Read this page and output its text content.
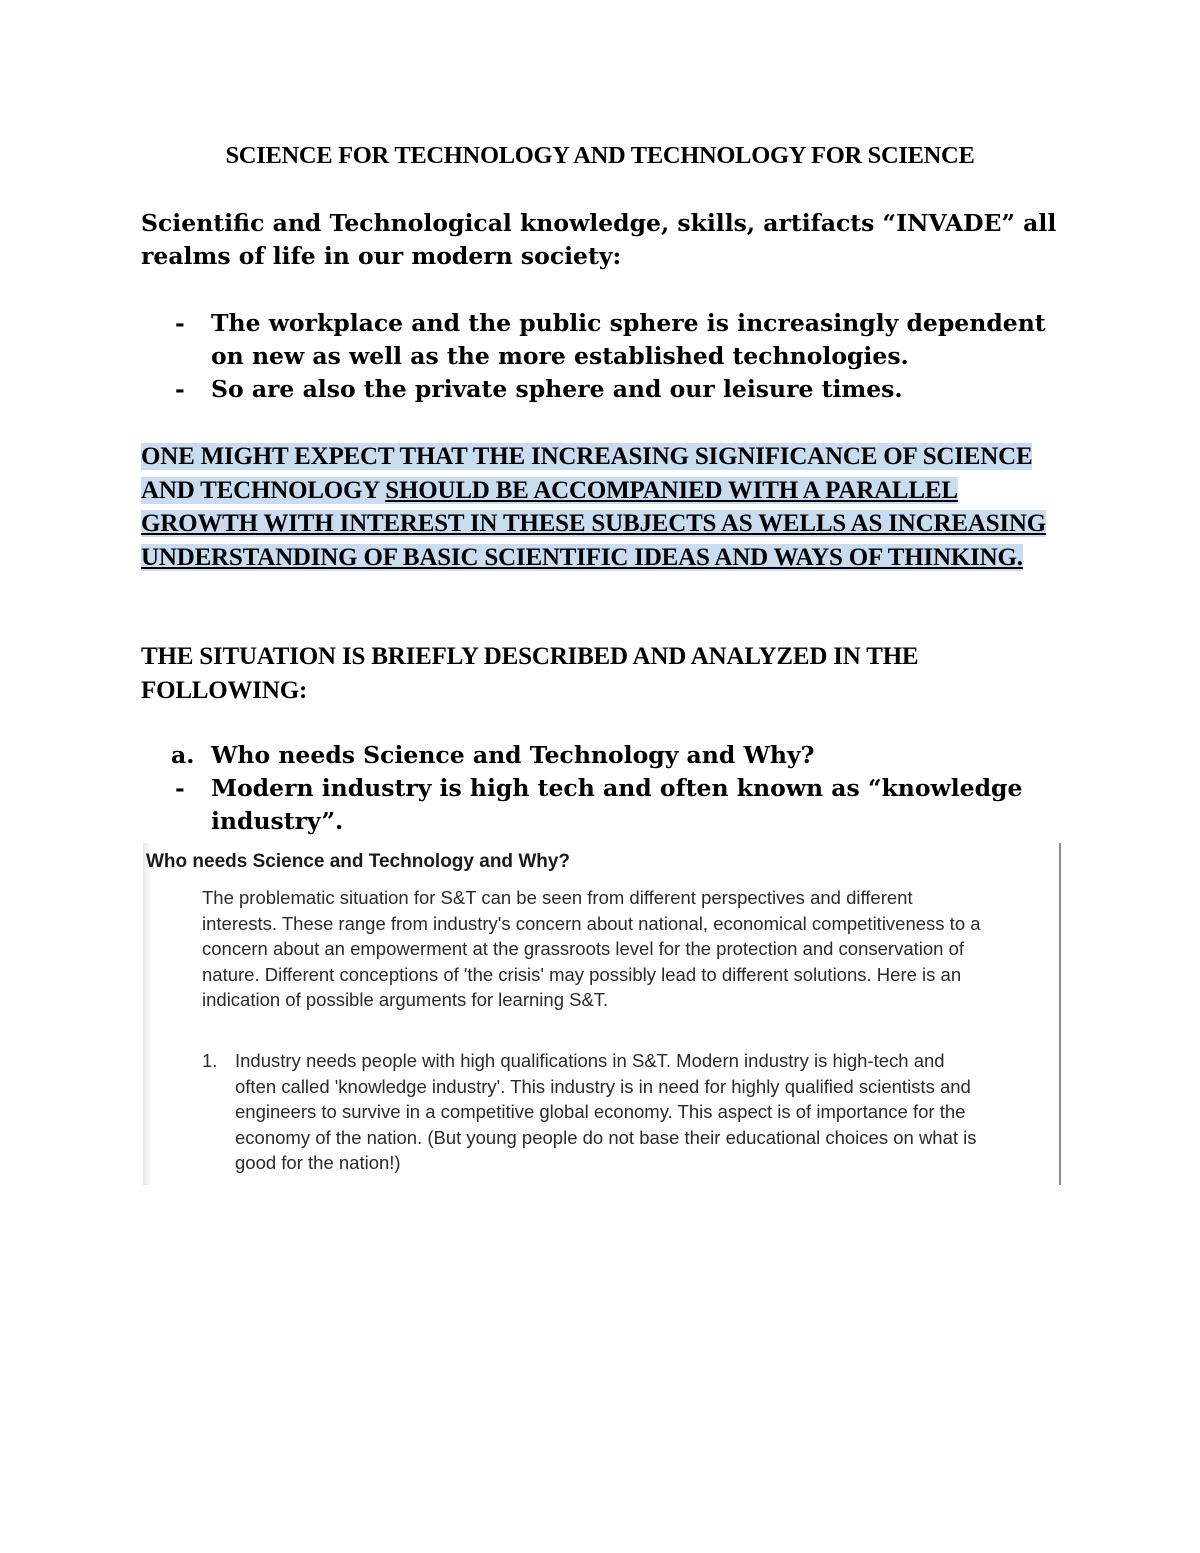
SCIENCE FOR TECHNOLOGY AND TECHNOLOGY FOR SCIENCE
Scientific and Technological knowledge, skills, artifacts “INVADE” all realms of life in our modern society:
- The workplace and the public sphere is increasingly dependent on new as well as the more established technologies.
- So are also the private sphere and our leisure times.
ONE MIGHT EXPECT THAT THE INCREASING SIGNIFICANCE OF SCIENCE AND TECHNOLOGY SHOULD BE ACCOMPANIED WITH A PARALLEL GROWTH WITH INTEREST IN THESE SUBJECTS AS WELLS AS INCREASING UNDERSTANDING OF BASIC SCIENTIFIC IDEAS AND WAYS OF THINKING.
THE SITUATION IS BRIEFLY DESCRIBED AND ANALYZED IN THE FOLLOWING:
a. Who needs Science and Technology and Why?
- Modern industry is high tech and often known as “knowledge industry”.
Who needs Science and Technology and Why?
The problematic situation for S&T can be seen from different perspectives and different interests. These range from industry's concern about national, economical competitiveness to a concern about an empowerment at the grassroots level for the protection and conservation of nature. Different conceptions of 'the crisis' may possibly lead to different solutions. Here is an indication of possible arguments for learning S&T.
1. Industry needs people with high qualifications in S&T. Modern industry is high-tech and often called 'knowledge industry'. This industry is in need for highly qualified scientists and engineers to survive in a competitive global economy. This aspect is of importance for the economy of the nation. (But young people do not base their educational choices on what is good for the nation!)
